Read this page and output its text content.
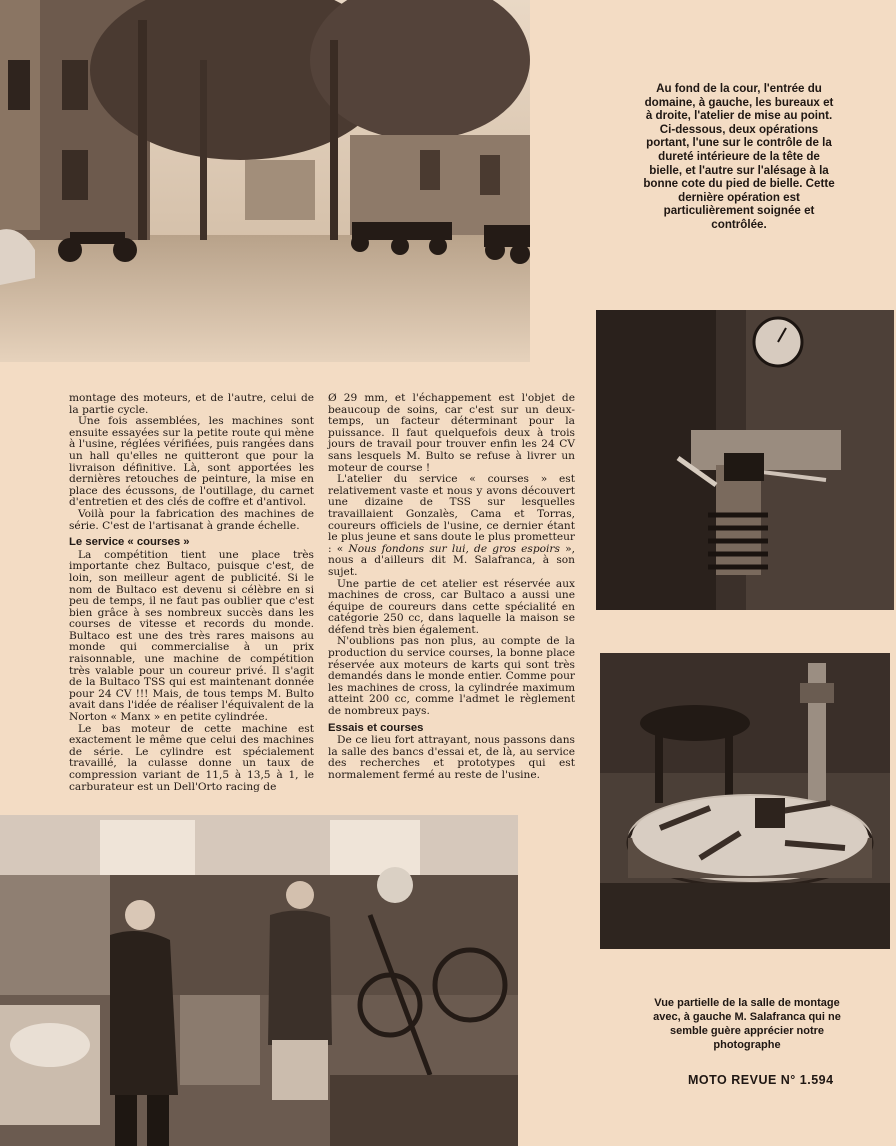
Au fond de la cour, l'entrée du domaine, à gauche, les bureaux et à droite, l'atelier de mise au point.

Ci-dessous, deux opérations portant, l'une sur le contrôle de la dureté intérieure de la tête de bielle, et l'autre sur l'alésage à la bonne cote du pied de bielle. Cette dernière opération est particulièrement soignée et contrôlée.

Vue partielle de la salle de montage avec, à gauche M. Salafranca qui ne semble guère apprécier notre photographe
MOTO REVUE N° 1.594

montage des moteurs, et de l'autre, celui de la partie cycle.

Une fois assemblées, les machines sont ensuite essayées sur la petite route qui mène à l'usine, réglées vérifiées, puis rangées dans un hall qu'elles ne quitteront que pour la livraison définitive. Là, sont apportées les dernières retouches de peinture, la mise en place des écussons, de l'outillage, du carnet d'entretien et des clés de coffre et d'antivol.

Voilà pour la fabrication des machines de série. C'est de l'artisanat à grande échelle.

Le service « courses »

La compétition tient une place très importante chez Bultaco, puisque c'est, de loin, son meilleur agent de publicité. Si le nom de Bultaco est devenu si célèbre en si peu de temps, il ne faut pas oublier que c'est bien grâce à ses nombreux succès dans les courses de vitesse et records du monde. Bultaco est une des très rares maisons au monde qui commercialise à un prix raisonnable, une machine de compétition très valable pour un coureur privé. Il s'agit de la Bultaco TSS qui est maintenant donnée pour 24 CV !!! Mais, de tous temps M. Bulto avait dans l'idée de réaliser l'équivalent de la Norton « Manx » en petite cylindrée.

Le bas moteur de cette machine est exactement le même que celui des machines de série. Le cylindre est spécialement travaillé, la culasse donne un taux de compression variant de 11,5 à 13,5 à 1, le carburateur est un Dell'Orto racing de

Ø 29 mm, et l'échappement est l'objet de beaucoup de soins, car c'est sur un deux-temps, un facteur déterminant pour la puissance. Il faut quelquefois deux à trois jours de travail pour trouver enfin les 24 CV sans lesquels M. Bulto se refuse à livrer un moteur de course !

L'atelier du service « courses » est relativement vaste et nous y avons découvert une dizaine de TSS sur lesquelles travaillaient Gonzalès, Cama et Torras, coureurs officiels de l'usine, ce dernier étant le plus jeune et sans doute le plus prometteur : « Nous fondons sur lui, de gros espoirs », nous a d'ailleurs dit M. Salafranca, à son sujet.

Une partie de cet atelier est réservée aux machines de cross, car Bultaco a aussi une équipe de coureurs dans cette spécialité en catégorie 250 cc, dans laquelle la maison se défend très bien également.

N'oublions pas non plus, au compte de la production du service courses, la bonne place réservée aux moteurs de karts qui sont très demandés dans le monde entier. Comme pour les machines de cross, la cylindrée maximum atteint 200 cc, comme l'admet le règlement de nombreux pays.

Essais et courses

De ce lieu fort attrayant, nous passons dans la salle des bancs d'essai et, de là, au service des recherches et prototypes qui est normalement fermé au reste de l'usine.
